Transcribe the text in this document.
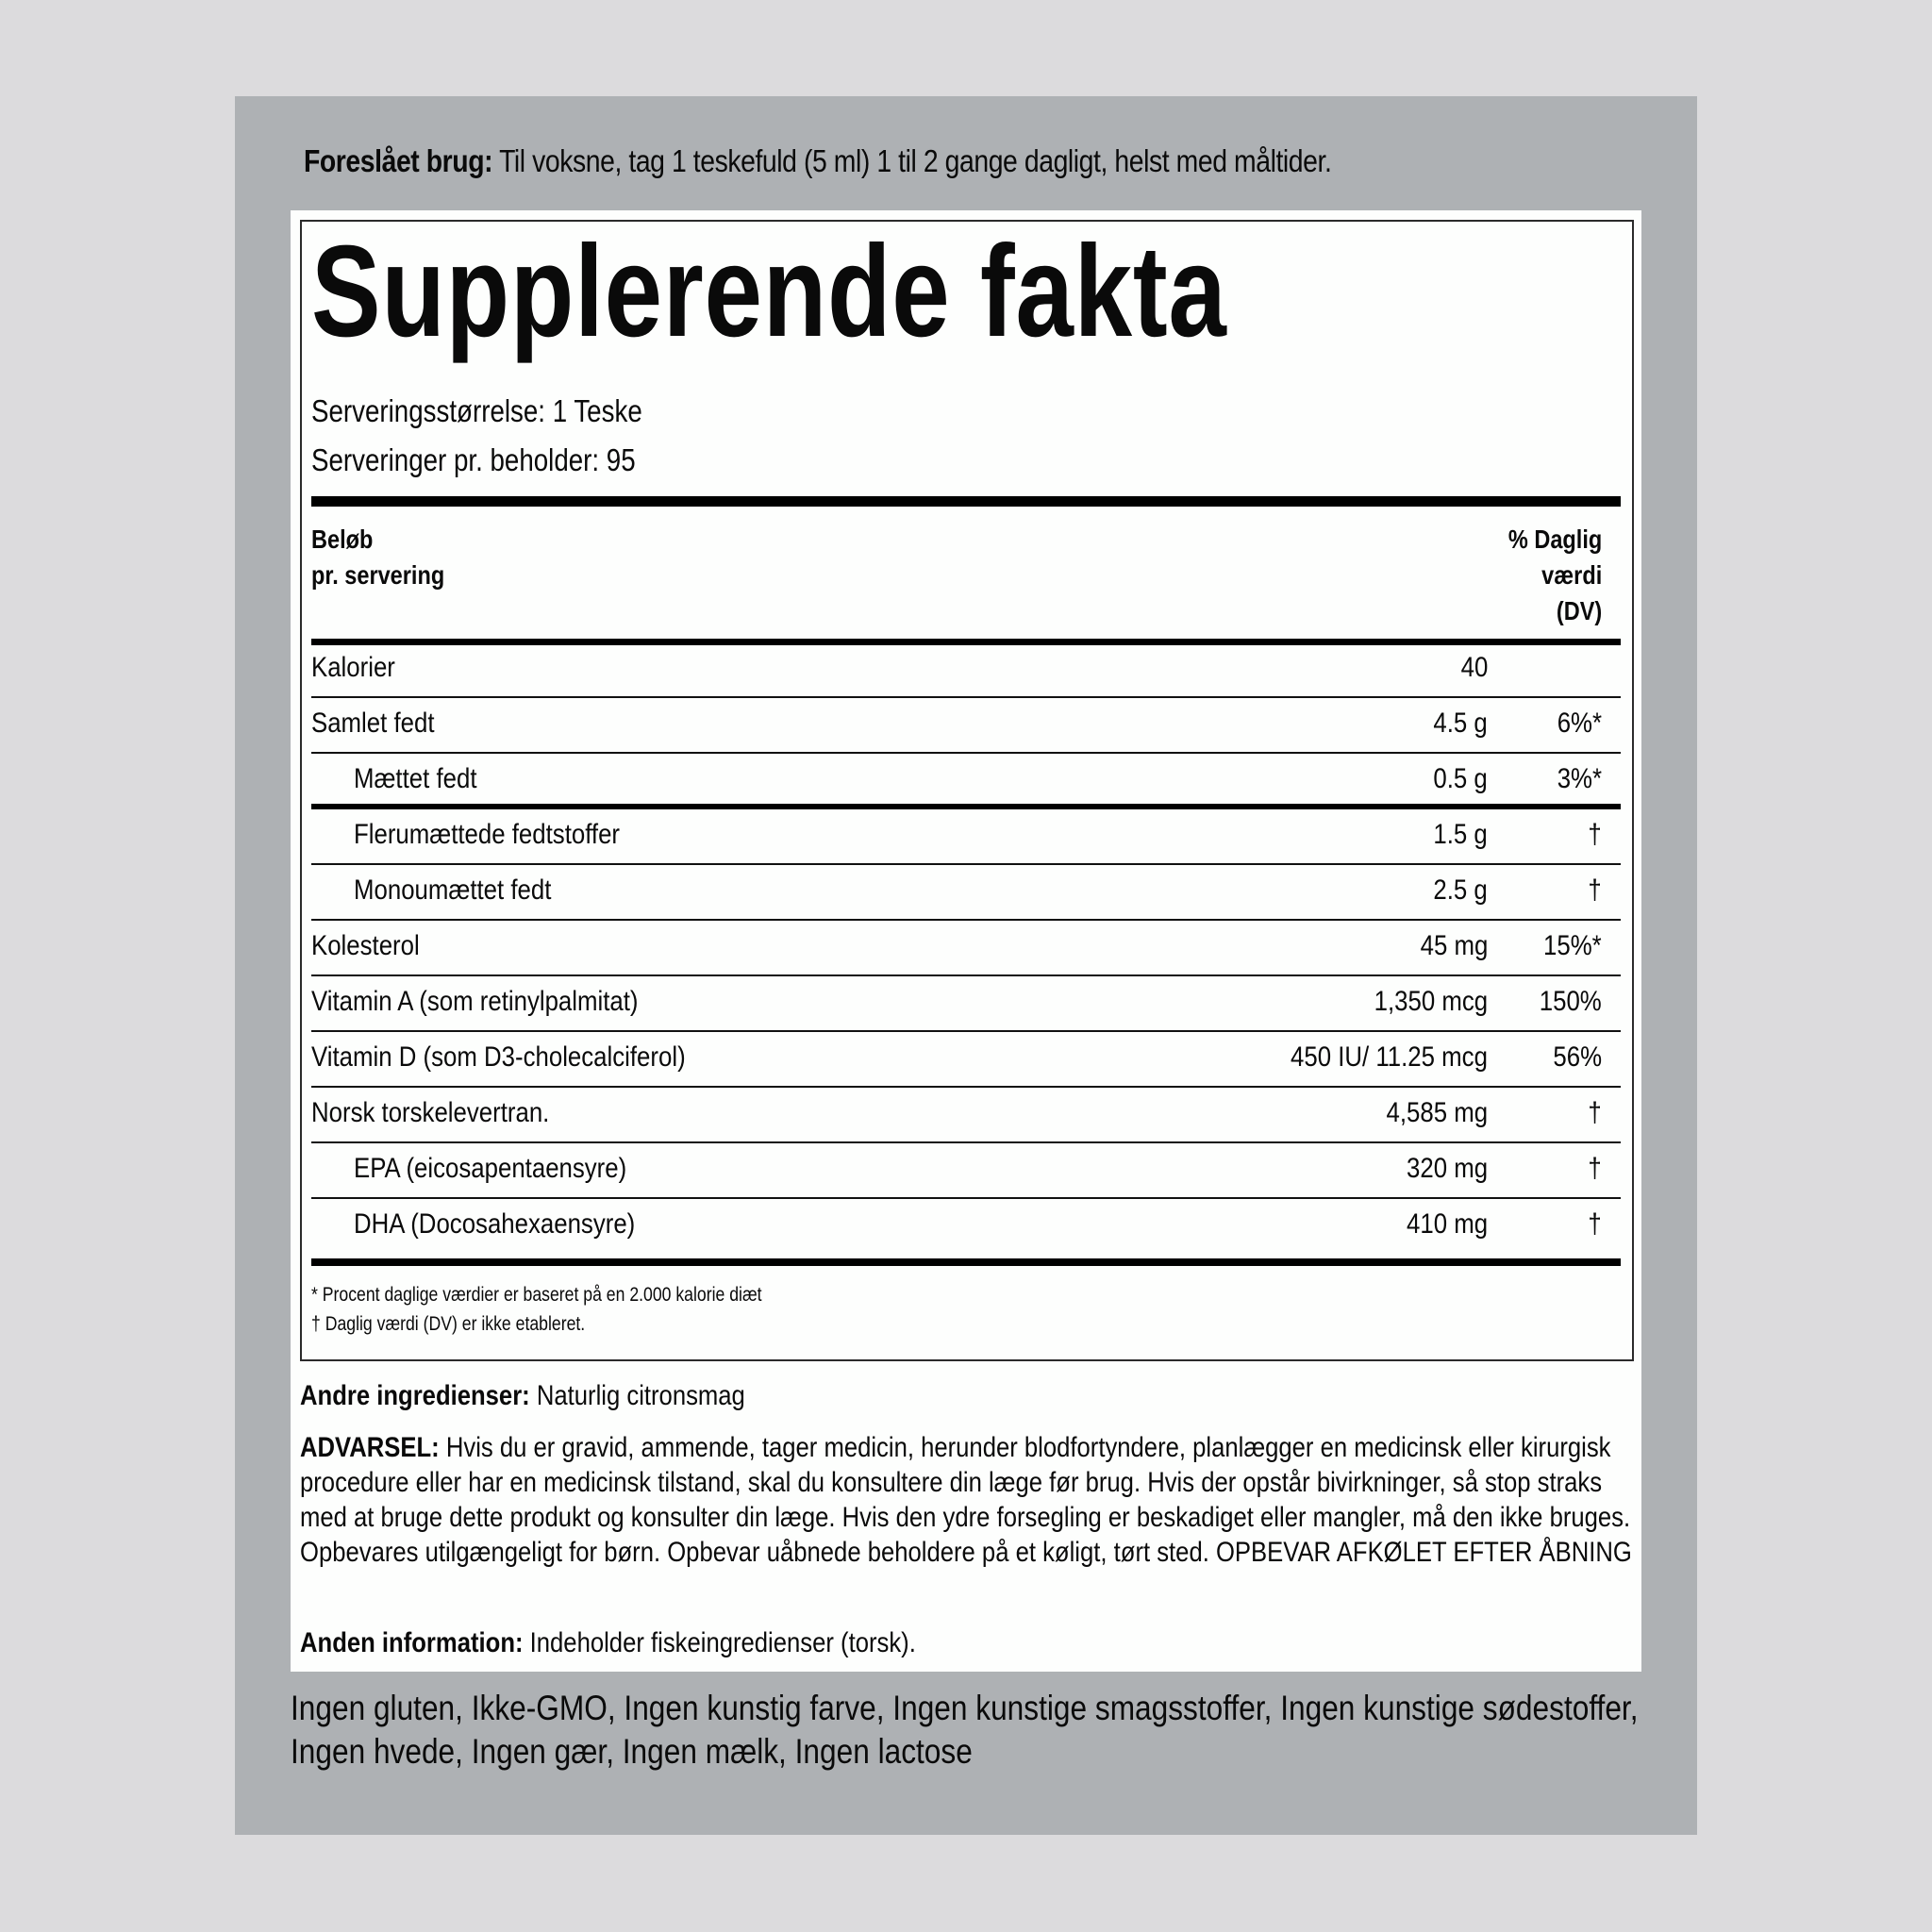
Foreslået brug: Til voksne, tag 1 teskefuld (5 ml) 1 til 2 gange dagligt, helst med måltider.
Supplerende fakta
Serveringsstørrelse: 1 Teske
Serveringer pr. beholder: 95
Beløb
pr. servering
% Daglig
værdi
(DV)
Kalorier	40
Samlet fedt	4.5 g 6%*
Mættet fedt	0.5 g 3%*
Flerumættede fedtstoffer	1.5 g	†
Monoumættet fedt	2.5 g	†
Kolesterol	45 mg 15%*
Vitamin A (som retinylpalmitat)	1,350 mcg 150%
Vitamin D (som D3-cholecalciferol)	450 IU/ 11.25 mcg 56%
Norsk torskelevertran.	4,585 mg	†
EPA (eicosapentaensyre)	320 mg	†
DHA (Docosahexaensyre)	410 mg	†
* Procent daglige værdier er baseret på en 2.000 kalorie diæt
† Daglig værdi (DV) er ikke etableret.
Andre ingredienser: Naturlig citronsmag
ADVARSEL: Hvis du er gravid, ammende, tager medicin, herunder blodfortyndere, planlægger en medicinsk eller kirurgisk procedure eller har en medicinsk tilstand, skal du konsultere din læge før brug. Hvis der opstår bivirkninger, så stop straks med at bruge dette produkt og konsulter din læge. Hvis den ydre forsegling er beskadiget eller mangler, må den ikke bruges. Opbevares utilgængeligt for børn. Opbevar uåbnede beholdere på et køligt, tørt sted. OPBEVAR AFKØLET EFTER ÅBNING
Anden information: Indeholder fiskeingredienser (torsk).
Ingen gluten, Ikke-GMO, Ingen kunstig farve, Ingen kunstige smagsstoffer, Ingen kunstige sødestoffer, Ingen hvede, Ingen gær, Ingen mælk, Ingen lactose
